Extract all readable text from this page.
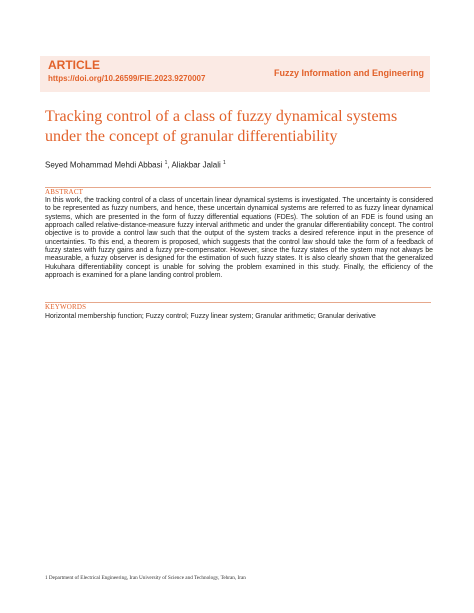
ARTICLE
https://doi.org/10.26599/FIE.2023.9270007
Fuzzy Information and Engineering
Tracking control of a class of fuzzy dynamical systems under the concept of granular differentiability
Seyed Mohammad Mehdi Abbasi $^1$, Aliakbar Jalali $^1$
ABSTRACT
In this work, the tracking control of a class of uncertain linear dynamical systems is investigated. The uncertainty is considered to be represented as fuzzy numbers, and hence, these uncertain dynamical systems are referred to as fuzzy linear dynamical systems, which are presented in the form of fuzzy differential equations (FDEs). The solution of an FDE is found using an approach called relative-distance-measure fuzzy interval arithmetic and under the granular differentiability concept. The control objective is to provide a control law such that the output of the system tracks a desired reference input in the presence of uncertainties. To this end, a theorem is proposed, which suggests that the control law should take the form of a feedback of fuzzy states with fuzzy gains and a fuzzy pre-compensator. However, since the fuzzy states of the system may not always be measurable, a fuzzy observer is designed for the estimation of such fuzzy states. It is also clearly shown that the generalized Hukuhara differentiability concept is unable for solving the problem examined in this study. Finally, the efficiency of the approach is examined for a plane landing control problem.
KEYWORDS
Horizontal membership function; Fuzzy control; Fuzzy linear system; Granular arithmetic; Granular derivative
1 Department of Electrical Engineering, Iran University of Science and Technology, Tehran, Iran
